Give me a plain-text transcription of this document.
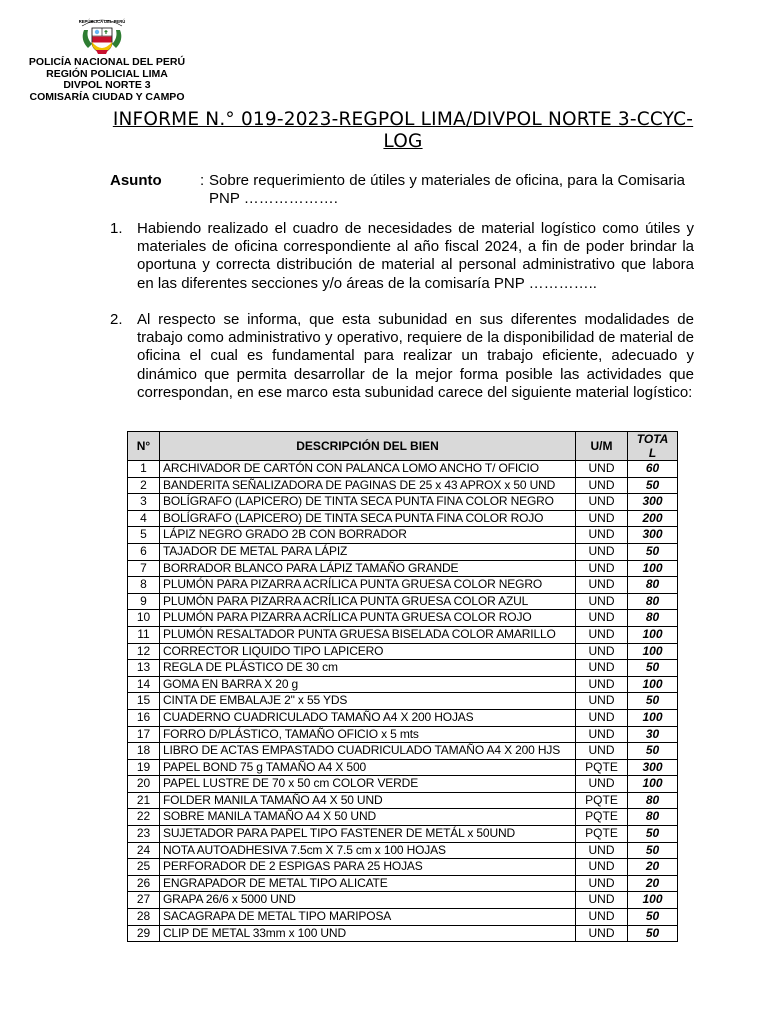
REPÚBLICA DEL PERÚ
POLICÍA NACIONAL DEL PERÚ
REGIÓN POLICIAL LIMA
DIVPOL NORTE 3
COMISARÍA CIUDAD Y CAMPO
INFORME N.° 019-2023-REGPOL LIMA/DIVPOL NORTE 3-CCYC-LOG
Asunto	: Sobre requerimiento de útiles y materiales de oficina, para la Comisaria PNP ……………….
1. Habiendo realizado el cuadro de necesidades de material logístico como útiles y materiales de oficina correspondiente al año fiscal 2024, a fin de poder brindar la oportuna y correcta distribución de material al personal administrativo que labora en las diferentes secciones y/o áreas de la comisaría PNP …………..
2. Al respecto se informa, que esta subunidad en sus diferentes modalidades de trabajo como administrativo y operativo, requiere de la disponibilidad de material de oficina el cual es fundamental para realizar un trabajo eficiente, adecuado y dinámico que permita desarrollar de la mejor forma posible las actividades que correspondan, en ese marco esta subunidad carece del siguiente material logístico:
N°	DESCRIPCIÓN DEL BIEN	U/M	TOTA
L
1	ARCHIVADOR DE CARTÓN CON PALANCA LOMO ANCHO T/ OFICIO	UND	60
2	BANDERITA SEÑALIZADORA DE PAGINAS DE 25 x 43 APROX x 50 UND	UND	50
3	BOLÍGRAFO (LAPICERO) DE TINTA SECA PUNTA FINA COLOR NEGRO	UND	300
4	BOLÍGRAFO (LAPICERO) DE TINTA SECA PUNTA FINA COLOR ROJO	UND	200
5	LÁPIZ NEGRO GRADO 2B CON BORRADOR	UND	300
6	TAJADOR DE METAL PARA LÁPIZ	UND	50
7	BORRADOR BLANCO PARA LÁPIZ TAMAÑO GRANDE	UND	100
8	PLUMÓN PARA PIZARRA ACRÍLICA PUNTA GRUESA COLOR NEGRO	UND	80
9	PLUMÓN PARA PIZARRA ACRÍLICA PUNTA GRUESA COLOR AZUL	UND	80
10	PLUMÓN PARA PIZARRA ACRÍLICA PUNTA GRUESA COLOR ROJO	UND	80
11	PLUMÓN RESALTADOR PUNTA GRUESA BISELADA COLOR AMARILLO	UND	100
12	CORRECTOR LIQUIDO TIPO LAPICERO	UND	100
13	REGLA DE PLÁSTICO DE 30 cm	UND	50
14	GOMA EN BARRA X 20 g	UND	100
15	CINTA DE EMBALAJE 2" x 55 YDS	UND	50
16	CUADERNO CUADRICULADO TAMAÑO A4 X 200 HOJAS	UND	100
17	FORRO D/PLÁSTICO, TAMAÑO OFICIO x 5 mts	UND	30
18	LIBRO DE ACTAS EMPASTADO CUADRICULADO TAMAÑO A4 X 200 HJS	UND	50
19	PAPEL BOND 75 g TAMAÑO A4 X 500	PQTE	300
20	PAPEL LUSTRE DE 70 x 50 cm COLOR VERDE	UND	100
21	FOLDER MANILA TAMAÑO A4 X 50 UND	PQTE	80
22	SOBRE MANILA TAMAÑO A4 X 50 UND	PQTE	80
23	SUJETADOR PARA PAPEL TIPO FASTENER DE METÁL x 50UND	PQTE	50
24	NOTA AUTOADHESIVA 7.5cm X 7.5 cm x 100 HOJAS	UND	50
25	PERFORADOR DE 2 ESPIGAS PARA 25 HOJAS	UND	20
26	ENGRAPADOR DE METAL TIPO ALICATE	UND	20
27	GRAPA 26/6 x 5000 UND	UND	100
28	SACAGRAPA DE METAL TIPO MARIPOSA	UND	50
29	CLIP DE METAL 33mm x 100 UND	UND	50
